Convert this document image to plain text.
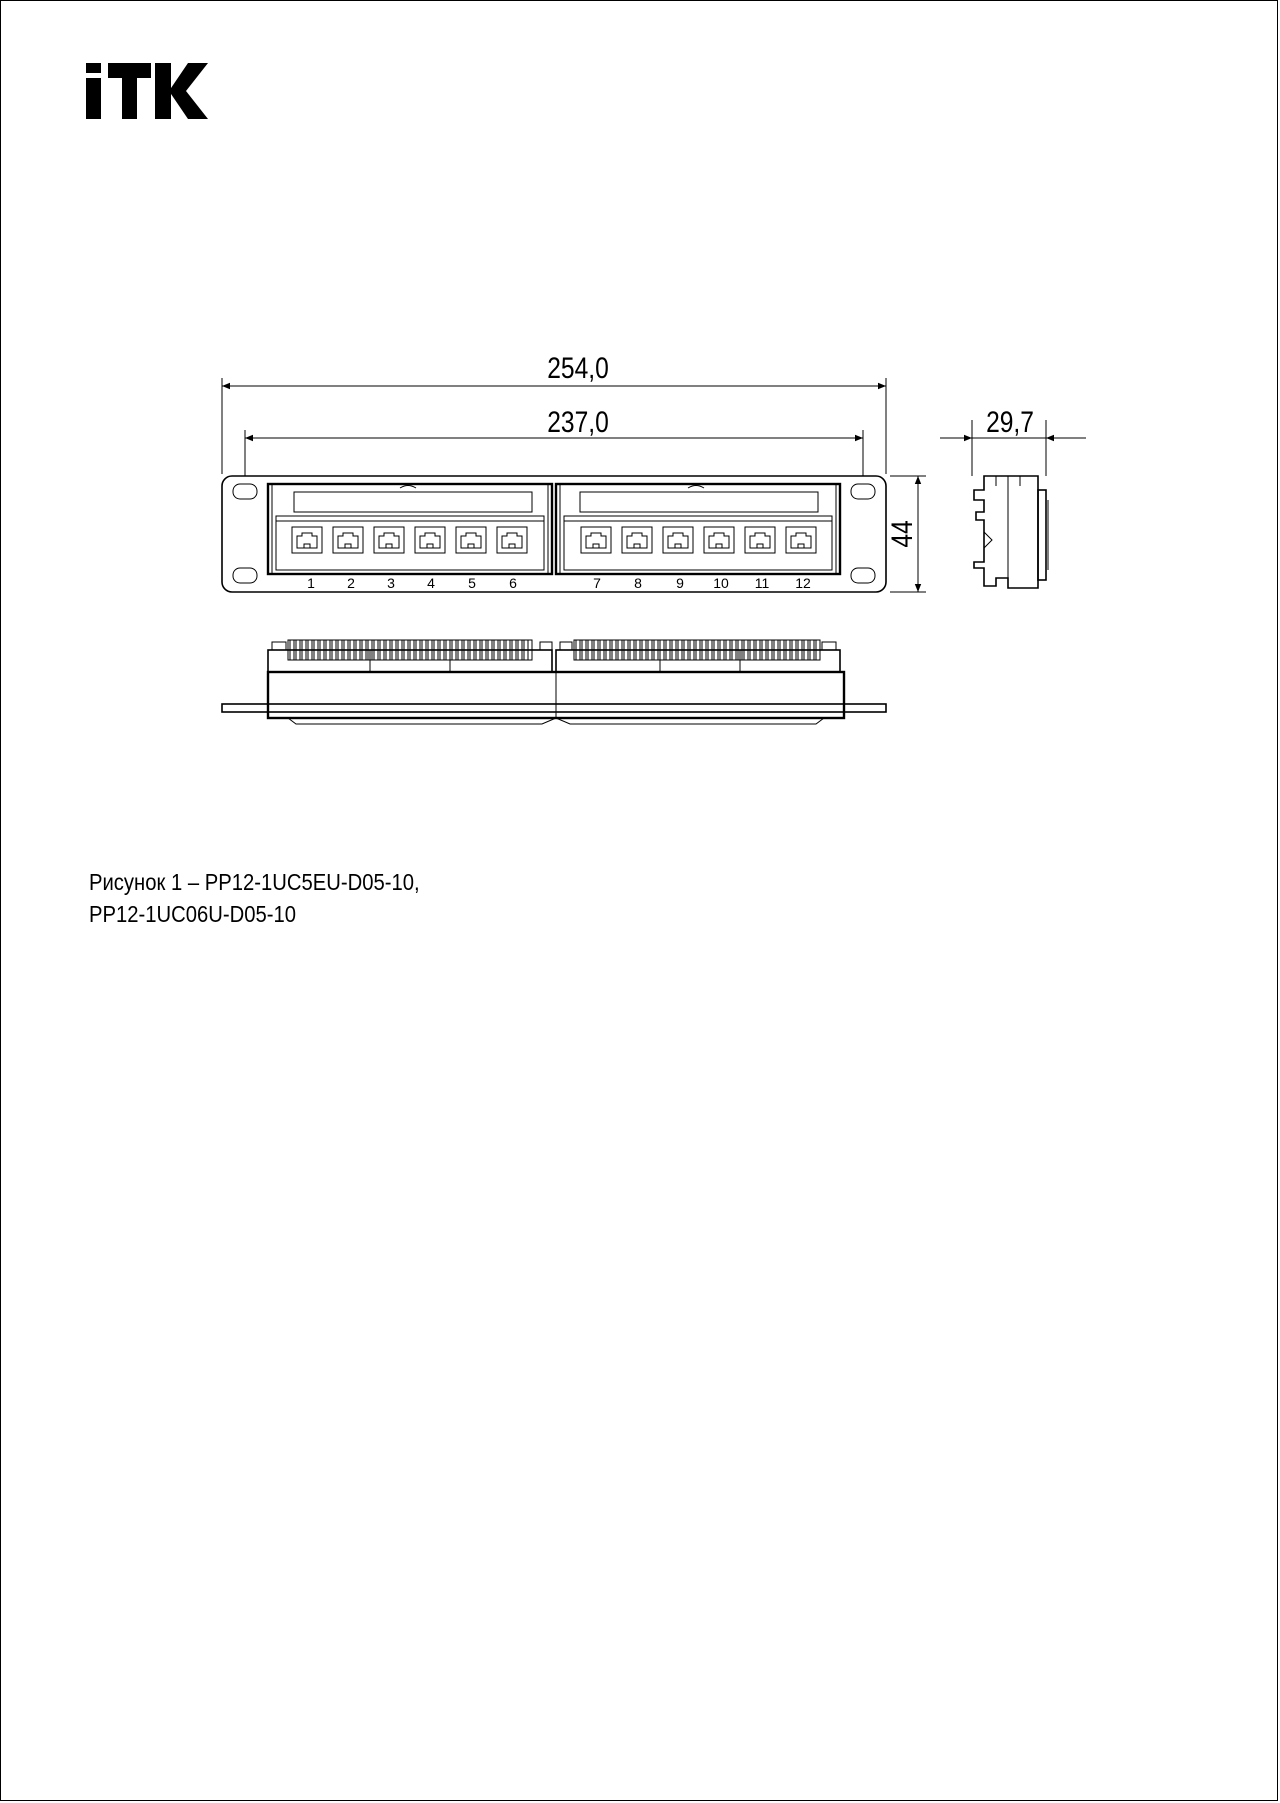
254,0
237,0
44
29,7
1 2 3 4 5 6	7 8 9 10 11 12
Рисунок 1 – PP12-1UC5EU-D05-10,
PP12-1UC06U-D05-10
